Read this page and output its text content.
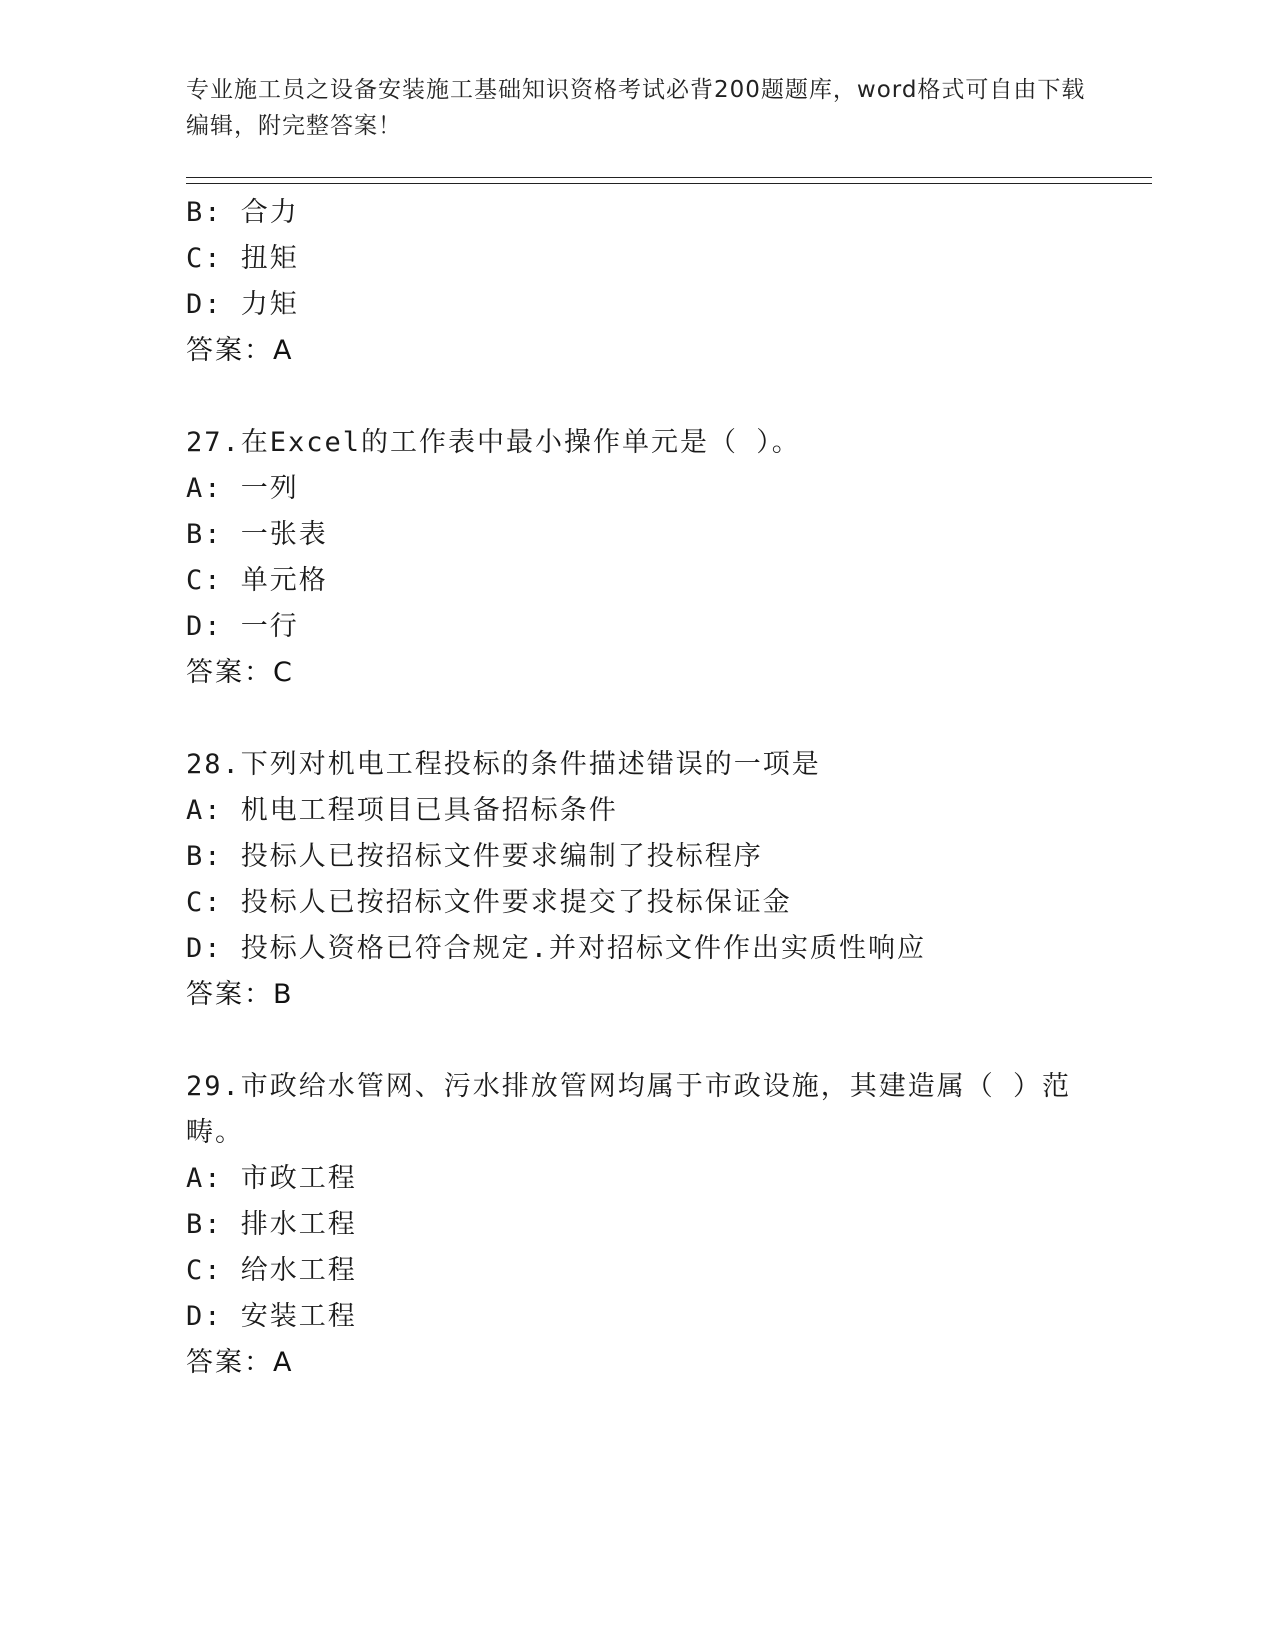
专业施工员之设备安装施工基础知识资格考试必背200题题库，word格式可自由下载编辑，附完整答案！
B: 合力
C: 扭矩
D: 力矩
答案：A
27.在Excel的工作表中最小操作单元是（ ）。
A: 一列
B: 一张表
C: 单元格
D: 一行
答案：C
28.下列对机电工程投标的条件描述错误的一项是
A: 机电工程项目已具备招标条件
B: 投标人已按招标文件要求编制了投标程序
C: 投标人已按招标文件要求提交了投标保证金
D: 投标人资格已符合规定.并对招标文件作出实质性响应
答案：B
29.市政给水管网、污水排放管网均属于市政设施，其建造属（ ）范畴。
A: 市政工程
B: 排水工程
C: 给水工程
D: 安装工程
答案：A
